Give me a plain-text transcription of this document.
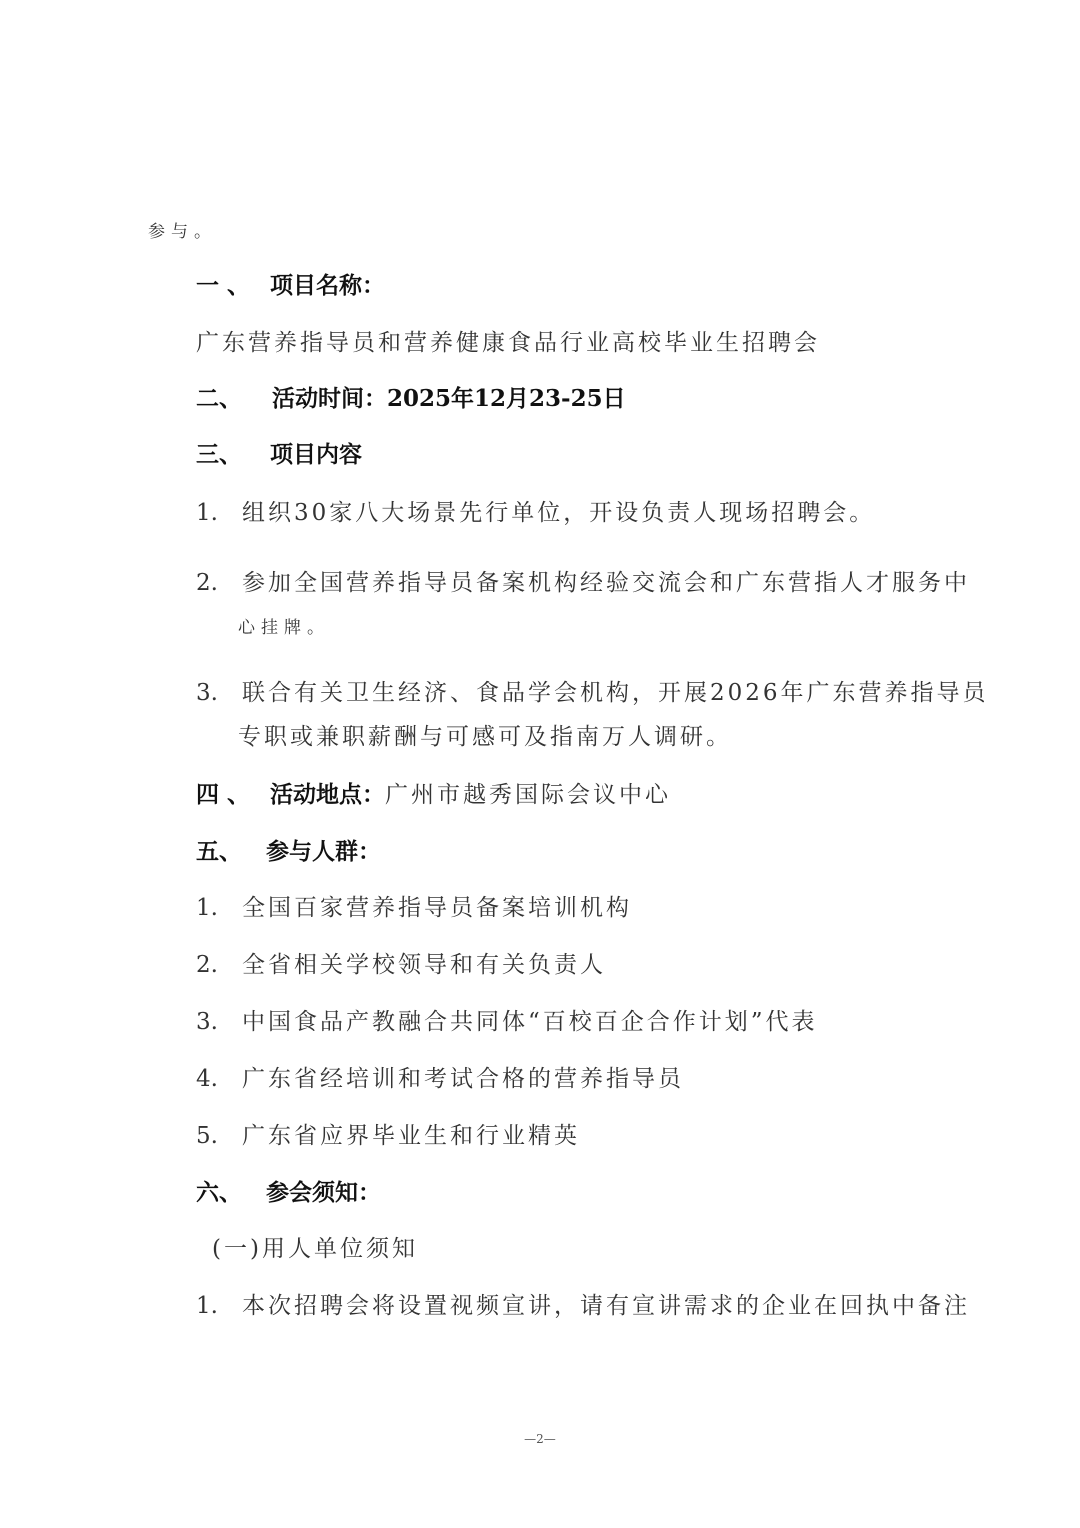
参与。
一 、 项目名称：
广东营养指导员和营养健康食品行业高校毕业生招聘会
二、 活动时间：2025年12月23-25日
三、 项目内容
1. 组织30家八大场景先行单位，开设负责人现场招聘会。
2. 参加全国营养指导员备案机构经验交流会和广东营指人才服务中
心挂牌。
3. 联合有关卫生经济、食品学会机构，开展2026年广东营养指导员
专职或兼职薪酬与可感可及指南万人调研。
四 、 活动地点：广州市越秀国际会议中心
五、 参与人群：
1. 全国百家营养指导员备案培训机构
2. 全省相关学校领导和有关负责人
3. 中国食品产教融合共同体“百校百企合作计划”代表
4. 广东省经培训和考试合格的营养指导员
5. 广东省应界毕业生和行业精英
六、 参会须知：
(一)用人单位须知
1. 本次招聘会将设置视频宣讲，请有宣讲需求的企业在回执中备注
—2—
